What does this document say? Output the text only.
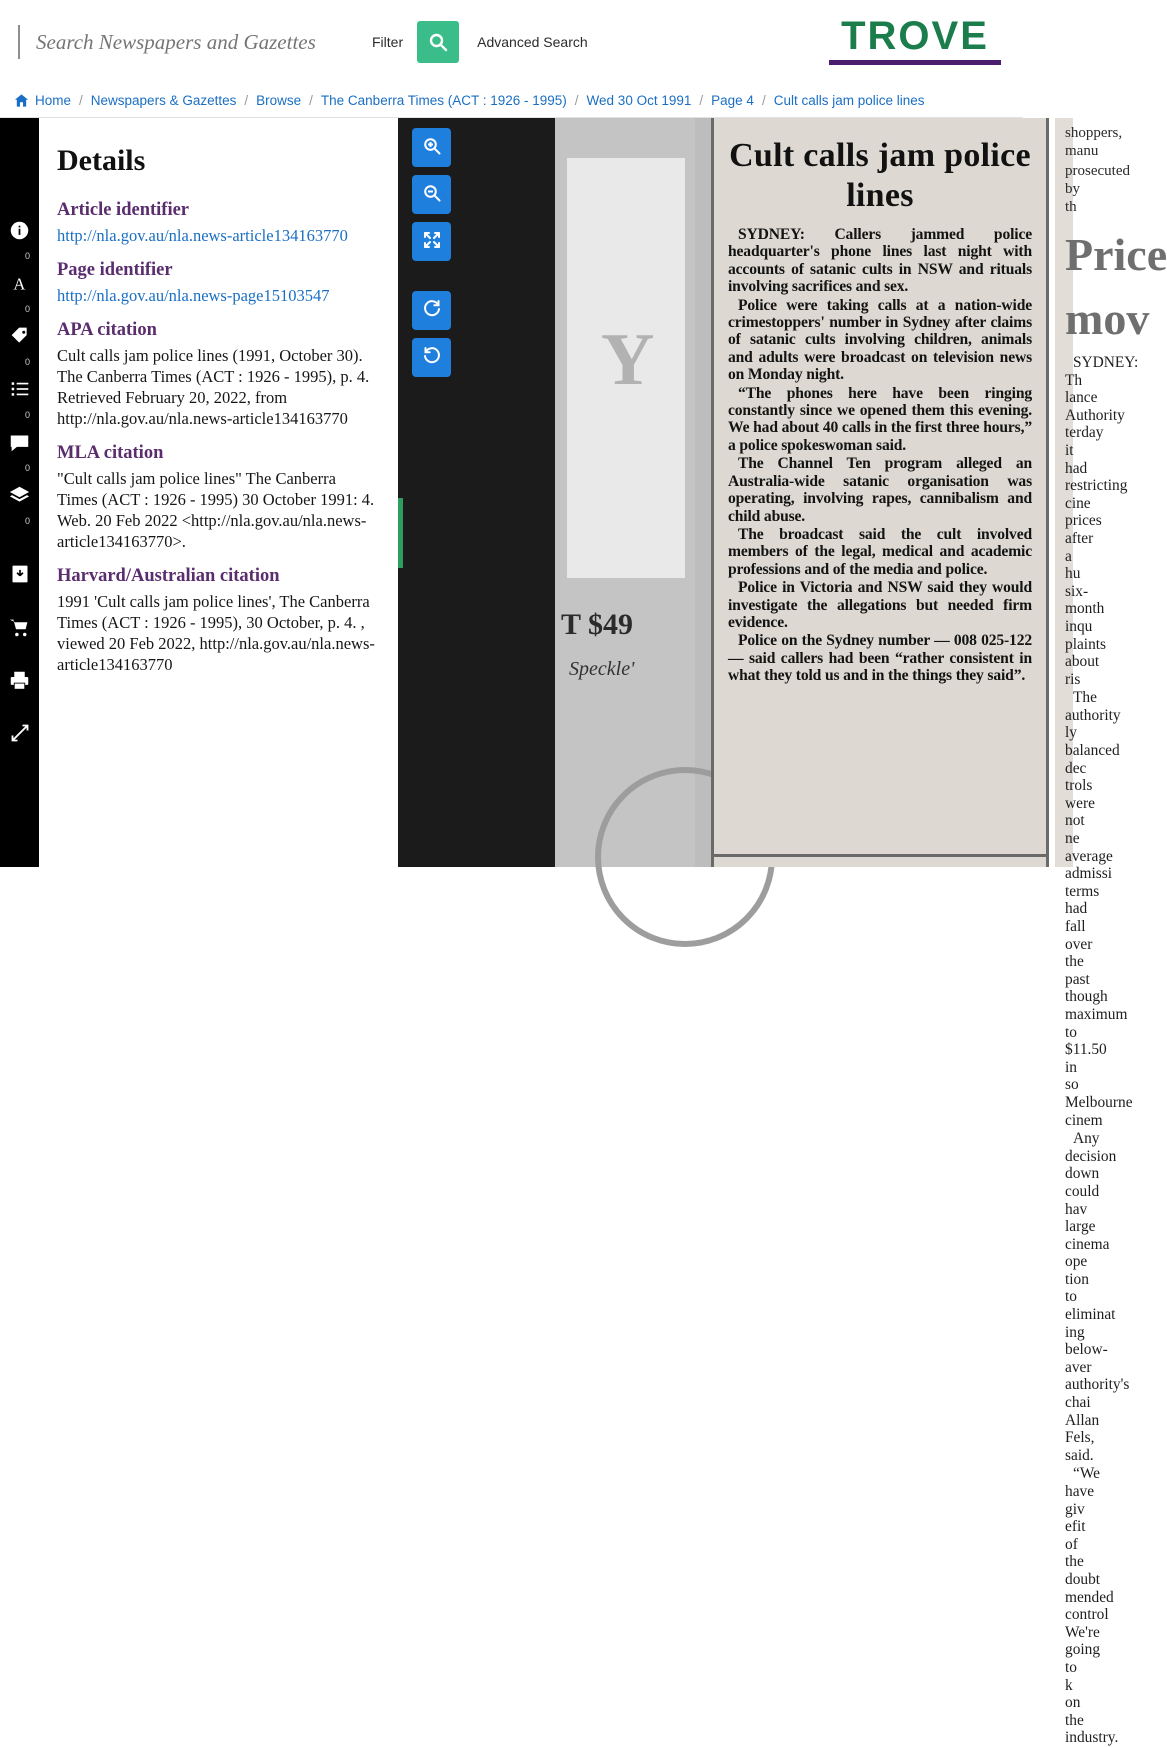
Search Newspapers and Gazettes
Filter	Advanced Search	TROVE
Home / Newspapers & Gazettes / Browse / The Canberra Times (ACT : 1926 - 1995) / Wed 30 Oct 1991 / Page 4 / Cult calls jam police lines
0
A
0
0
0
0
0
Details
Article identifier
http://nla.gov.au/nla.news-article134163770
Page identifier
http://nla.gov.au/nla.news-page15103547
APA citation

Cult calls jam police lines (1991, October 30). The Canberra Times (ACT : 1926 - 1995), p. 4. Retrieved February 20, 2022, from http://nla.gov.au/nla.news-article134163770

MLA citation

"Cult calls jam police lines" The Canberra Times (ACT : 1926 - 1995) 30 October 1991: 4. Web. 20 Feb 2022 <http://nla.gov.au/nla.news-article134163770>.

Harvard/Australian citation

1991 'Cult calls jam police lines', The Canberra Times (ACT : 1926 - 1995), 30 October, p. 4. , viewed 20 Feb 2022, http://nla.gov.au/nla.news-article134163770

Y
T $49
Speckle'
Cult calls jam police lines

SYDNEY: Callers jammed police headquarter's phone lines last night with accounts of satanic cults in NSW and rituals involving sacrifices and sex.

Police were taking calls at a nation-wide crimestoppers' number in Sydney after claims of satanic cults involving children, animals and adults were broadcast on television news on Monday night.

“The phones here have been ringing constantly since we opened them this evening. We had about 40 calls in the first three hours,” a police spokeswoman said.

The Channel Ten program alleged an Australia-wide satanic organisation was operating, involving rapes, cannibalism and child abuse.

The broadcast said the cult involved members of the legal, medical and academic professions and of the media and police.

Police in Victoria and NSW said they would investigate the allegations but needed firm evidence.

Police on the Sydney number — 008 025-122 — said callers had been “rather consistent in what they told us and in the things they said”.

shoppers, manu

prosecuted by th

Price
mov

SYDNEY: Th lance Authority terday it had restricting cine prices after a hu six-month inqu plaints about ris

The authority ly balanced dec trols were not ne average admissi terms had fall over the past though maximum to $11.50 in so Melbourne cinem

Any decision down could hav large cinema ope tion to eliminat ing below-aver authority's chai Allan Fels, said.

“We have giv efit of the doubt mended control We're going to k on the industry.
